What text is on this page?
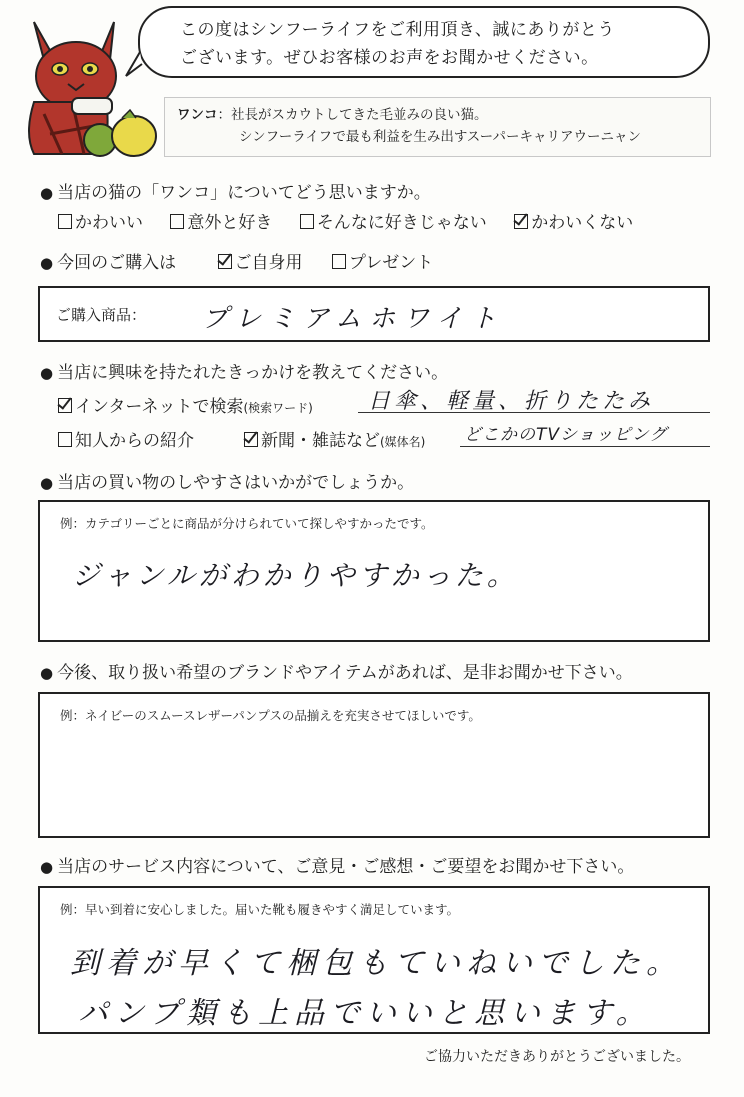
この度はシンフーライフをご利用頂き、誠にありがとう
ございます。ぜひお客様のお声をお聞かせください。
ワンコ：社長がスカウトしてきた毛並みの良い猫。
シンフーライフで最も利益を生み出すスーパーキャリアウーニャン
● 当店の猫の「ワンコ」についてどう思いますか。
かわいい	意外と好き	そんなに好きじゃない	かわいくない
● 今回のご購入は	ご自身用	プレゼント
ご購入商品： プレミアムホワイト
● 当店に興味を持たれたきっかけを教えてください。
インターネットで検索(検索ワード)	日傘、軽量、折りたたみ
知人からの紹介	新聞・雑誌など(媒体名) どこかのTVショッピング
● 当店の買い物のしやすさはいかがでしょうか。
例：カテゴリーごとに商品が分けられていて探しやすかったです。
ジャンルがわかりやすかった。
● 今後、取り扱い希望のブランドやアイテムがあれば、是非お聞かせ下さい。
例：ネイビーのスムースレザーパンプスの品揃えを充実させてほしいです。
● 当店のサービス内容について、ご意見・ご感想・ご要望をお聞かせ下さい。
例：早い到着に安心しました。届いた靴も履きやすく満足しています。
到着が早くて梱包もていねいでした。
パンプ類も上品でいいと思います。
ご協力いただきありがとうございました。
